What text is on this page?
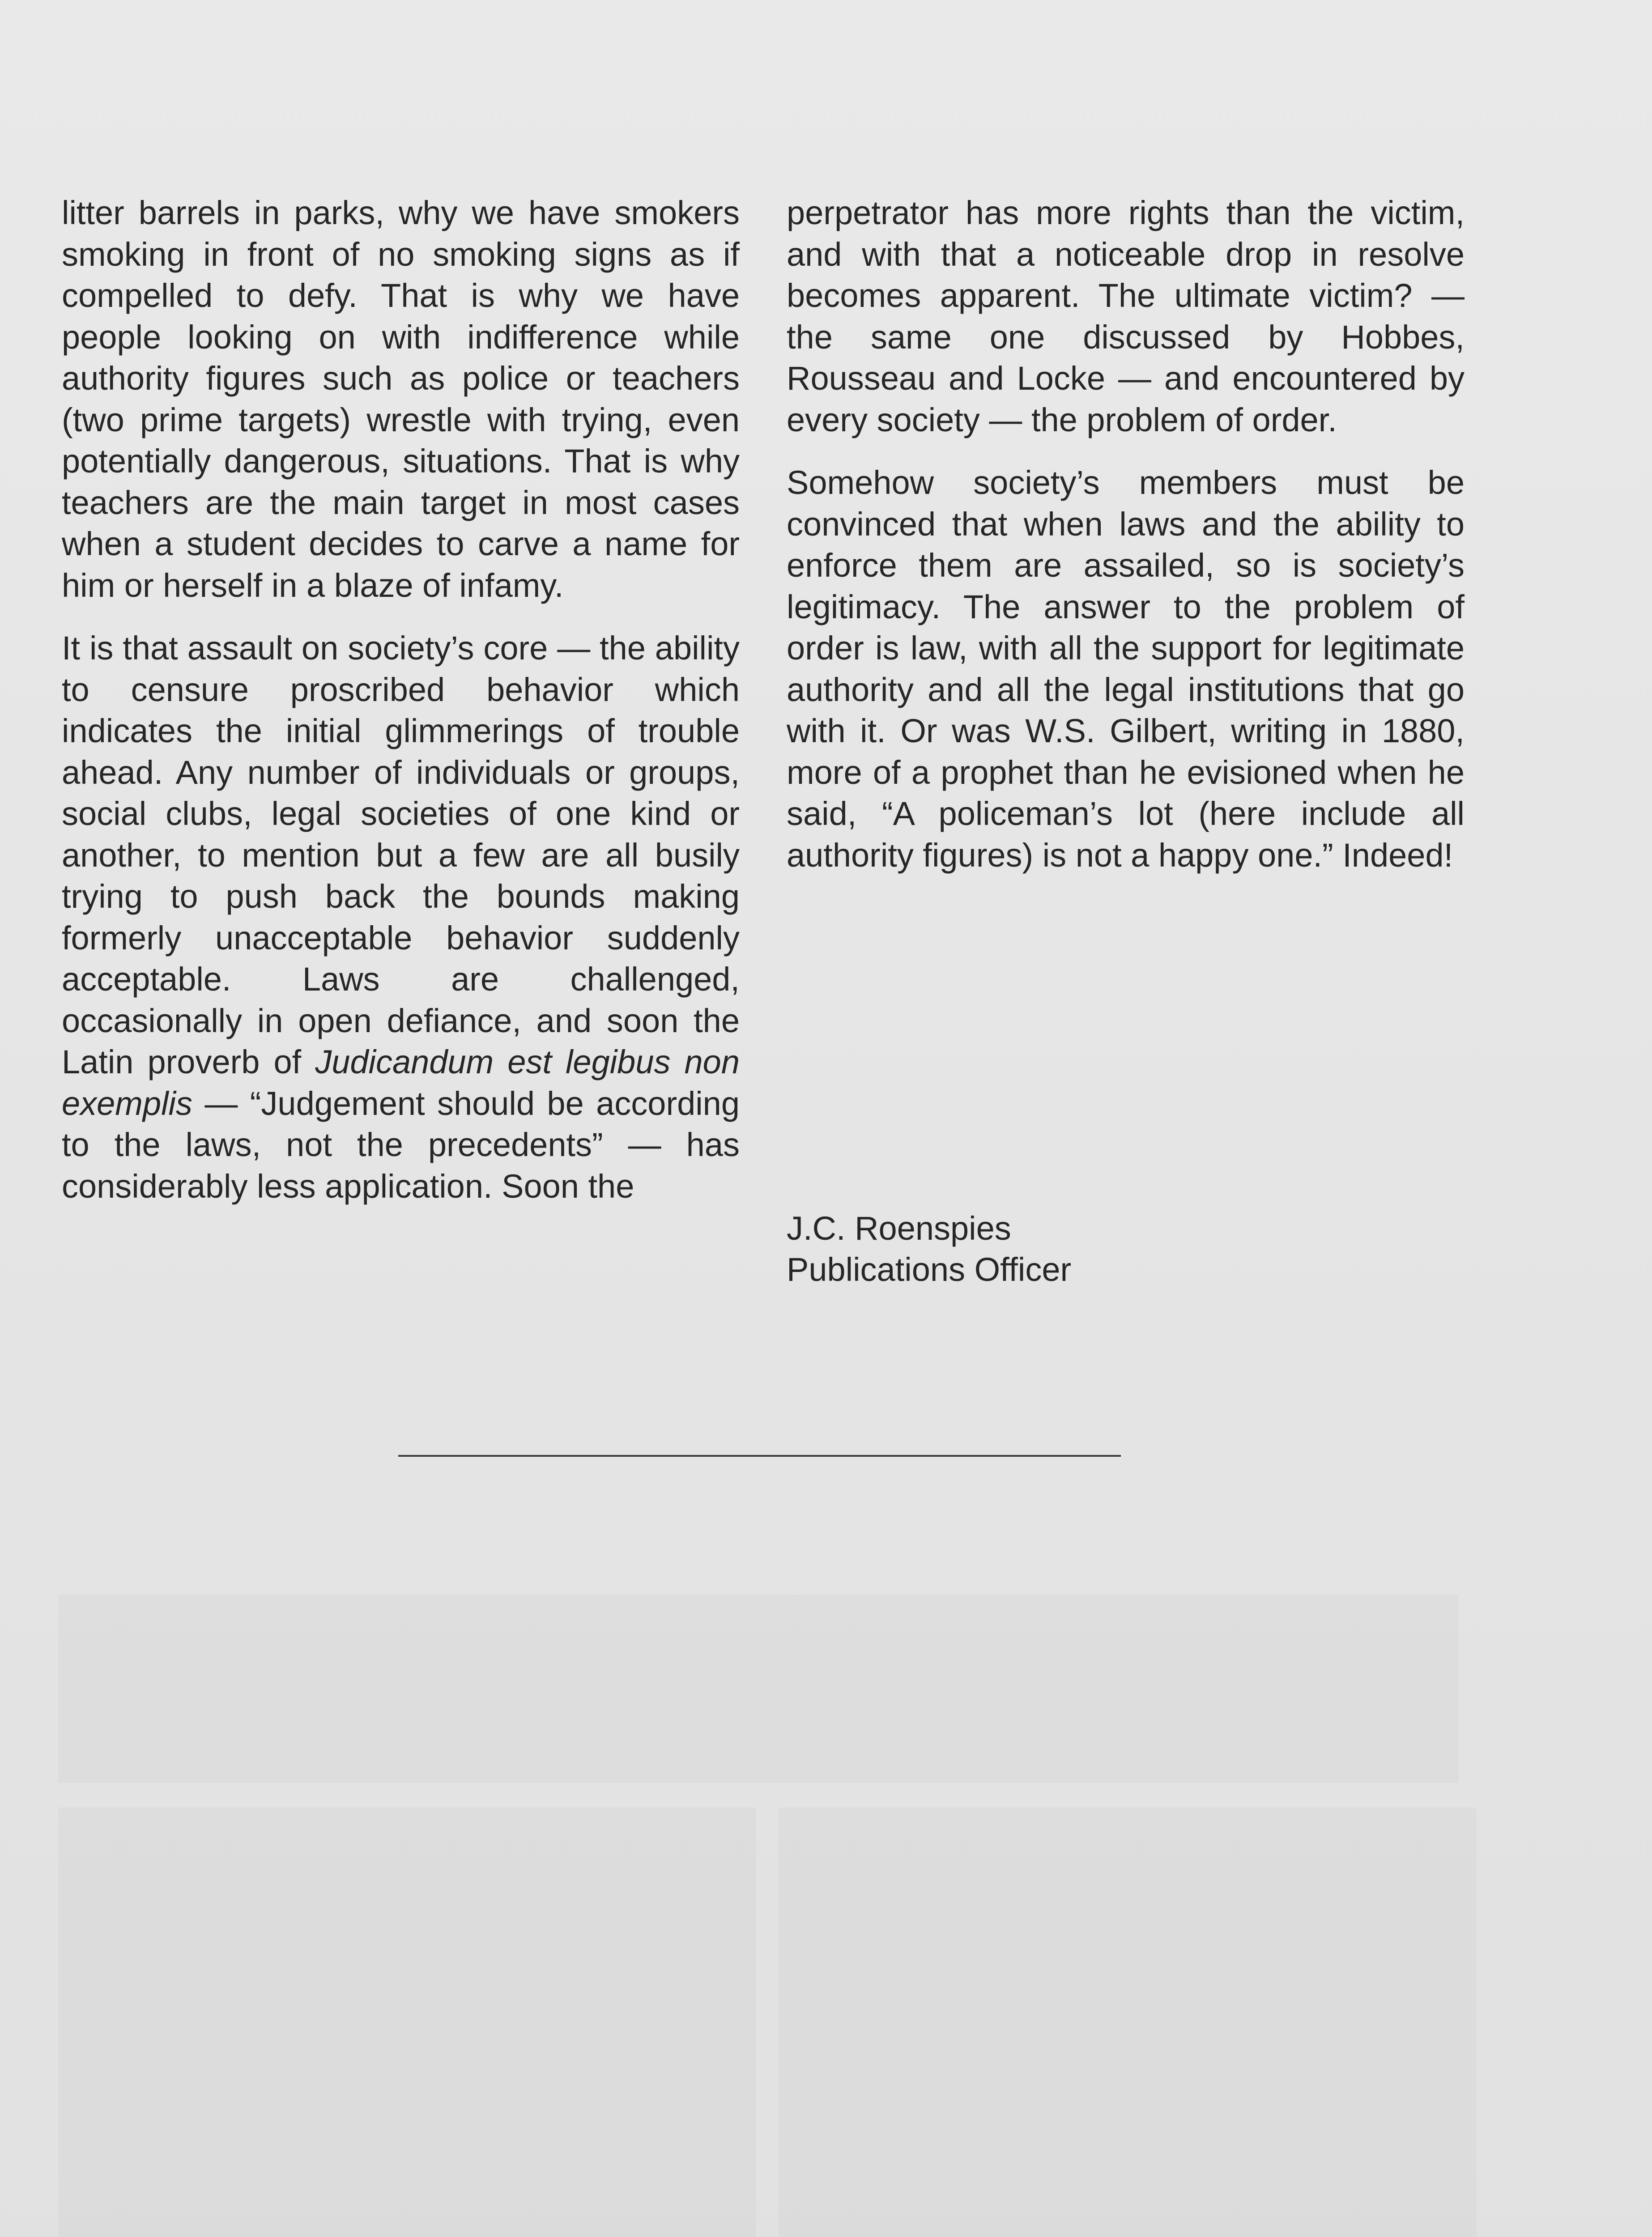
litter barrels in parks, why we have smokers smoking in front of no smoking signs as if compelled to defy. That is why we have people looking on with indifference while authority figures such as police or teachers (two prime targets) wrestle with trying, even potentially dangerous, situations. That is why teachers are the main target in most cases when a student decides to carve a name for him or herself in a blaze of infamy.

It is that assault on society’s core — the ability to censure proscribed behavior which indicates the initial glimmerings of trouble ahead. Any number of individuals or groups, social clubs, legal societies of one kind or another, to mention but a few are all busily trying to push back the bounds making formerly unacceptable behavior suddenly acceptable. Laws are challenged, occasionally in open defiance, and soon the Latin proverb of Judicandum est legibus non exemplis — “Judgement should be according to the laws, not the precedents” — has considerably less application. Soon the

perpetrator has more rights than the victim, and with that a noticeable drop in resolve becomes apparent. The ultimate victim? — the same one discussed by Hobbes, Rousseau and Locke — and encountered by every society — the problem of order.

Somehow society’s members must be convinced that when laws and the ability to enforce them are assailed, so is society’s legitimacy. The answer to the problem of order is law, with all the support for legitimate authority and all the legal institutions that go with it. Or was W.S. Gilbert, writing in 1880, more of a prophet than he evisioned when he said, “A policeman’s lot (here include all authority figures) is not a happy one.” Indeed!

J.C. Roenspies
Publications Officer
